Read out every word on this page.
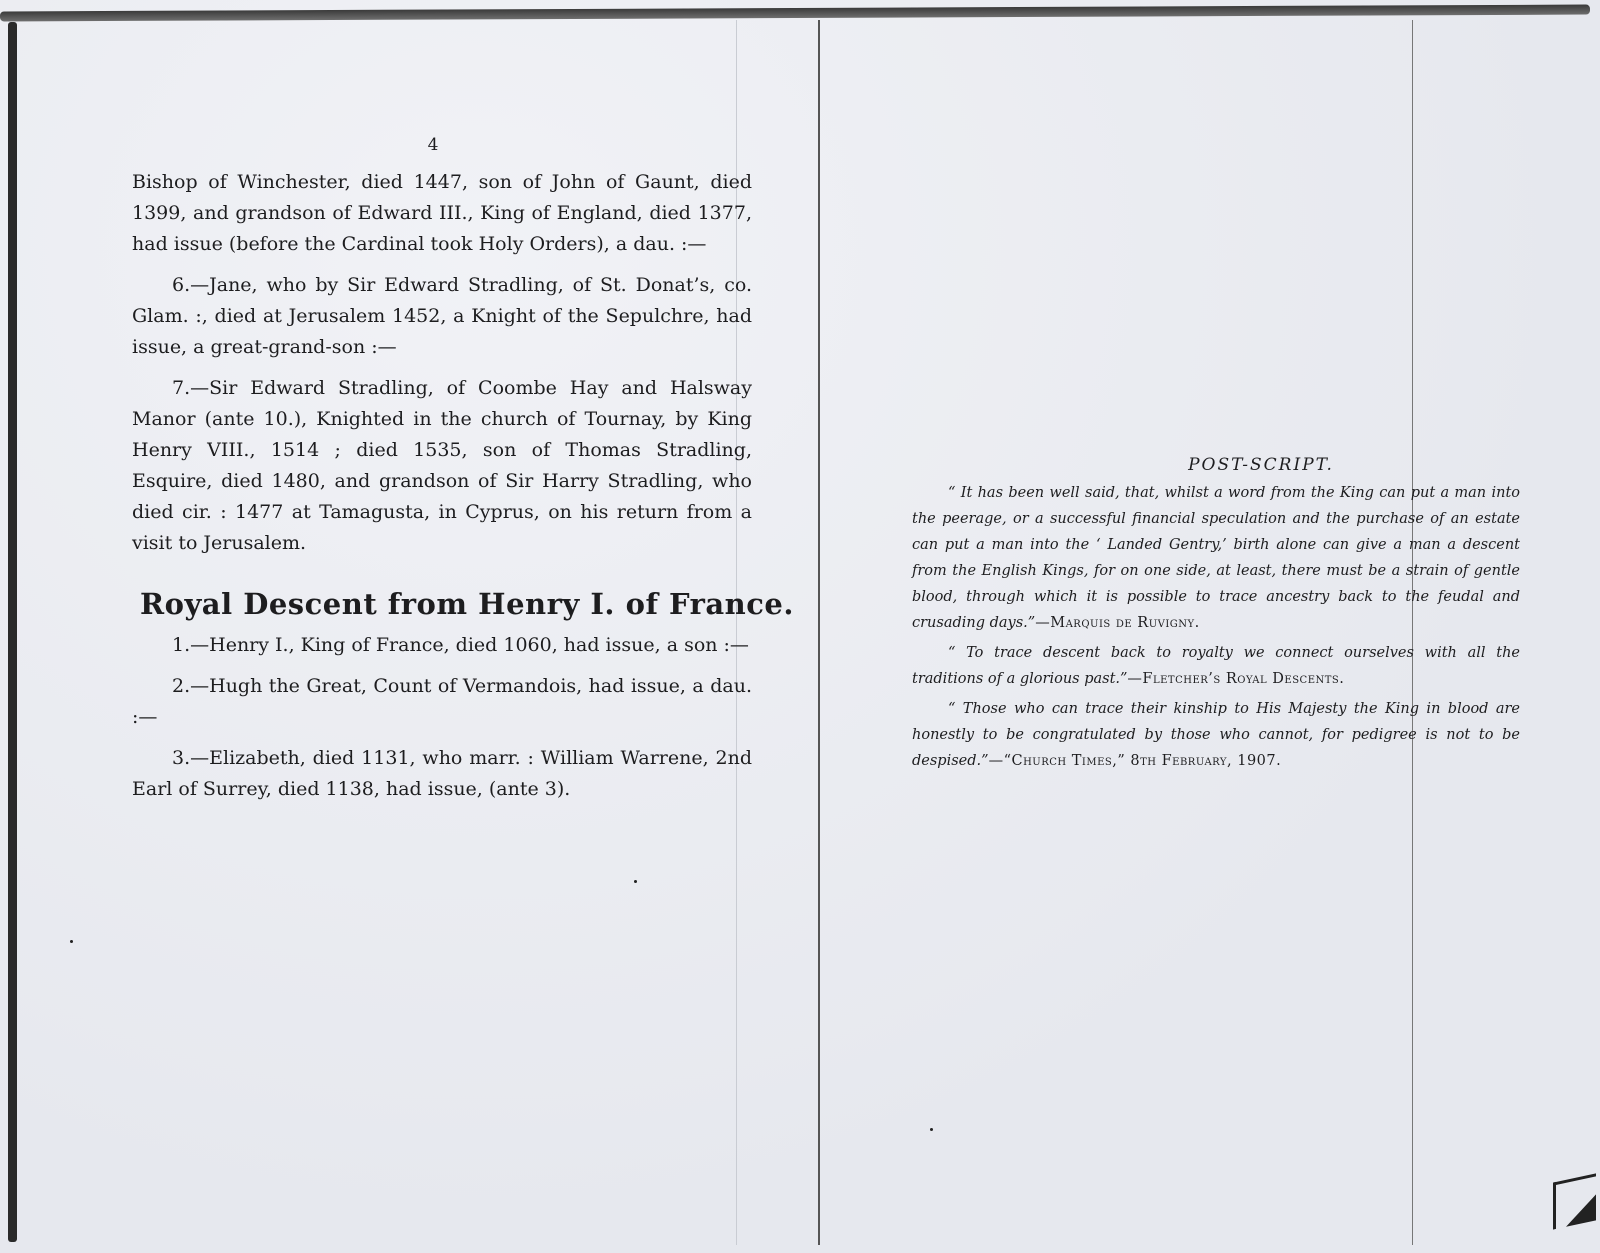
4

Bishop of Winchester, died 1447, son of John of Gaunt, died 1399, and grandson of Edward III., King of England, died 1377, had issue (before the Cardinal took Holy Orders), a dau. :—

6.—Jane, who by Sir Edward Stradling, of St. Donat’s, co. Glam. :, died at Jerusalem 1452, a Knight of the Sepulchre, had issue, a great-grand-son :—

7.—Sir Edward Stradling, of Coombe Hay and Halsway Manor (ante 10.), Knighted in the church of Tournay, by King Henry VIII., 1514 ; died 1535, son of Thomas Stradling, Esquire, died 1480, and grandson of Sir Harry Stradling, who died cir. : 1477 at Tamagusta, in Cyprus, on his return from a visit to Jerusalem.

Royal Descent from Henry I. of France.

1.—Henry I., King of France, died 1060, had issue, a son :—

2.—Hugh the Great, Count of Vermandois, had issue, a dau. :—

3.—Elizabeth, died 1131, who marr. : William Warrene, 2nd Earl of Surrey, died 1138, had issue, (ante 3).

POST-SCRIPT.

“ It has been well said, that, whilst a word from the King can put a man into the peerage, or a successful financial speculation and the purchase of an estate can put a man into the ‘ Landed Gentry,’ birth alone can give a man a descent from the English Kings, for on one side, at least, there must be a strain of gentle blood, through which it is possible to trace ancestry back to the feudal and crusading days.”—Marquis de Ruvigny.

“ To trace descent back to royalty we connect ourselves with all the traditions of a glorious past.”—Fletcher’s Royal Descents.

“ Those who can trace their kinship to His Majesty the King in blood are honestly to be congratulated by those who cannot, for pedigree is not to be despised.”—“Church Times,” 8th February, 1907.
